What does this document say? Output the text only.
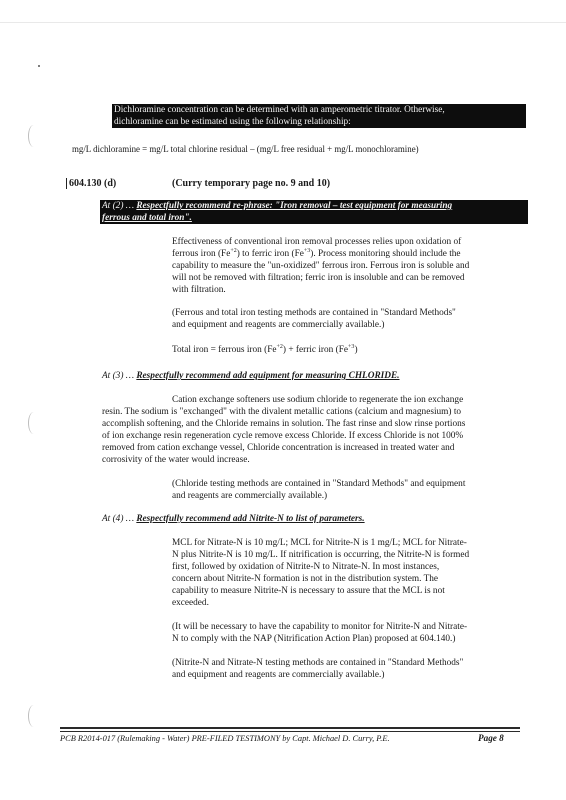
Dichloramine concentration can be determined with an amperometric titrator. Otherwise,
dichloramine can be estimated using the following relationship:
mg/L dichloramine = mg/L total chlorine residual – (mg/L free residual + mg/L monochloramine)
604.130 (d)	(Curry temporary page no. 9 and 10)
At (2) … Respectfully recommend re-phrase: "Iron removal – test equipment for measuring
ferrous and total iron".
Effectiveness of conventional iron removal processes relies upon oxidation of
ferrous iron $(Fe^{+2})$ to ferric iron $(Fe^{+3})$. Process monitoring should include the
capability to measure the "un-oxidized" ferrous iron. Ferrous iron is soluble and
will not be removed with filtration; ferric iron is insoluble and can be removed
with filtration.
(Ferrous and total iron testing methods are contained in "Standard Methods"
and equipment and reagents are commercially available.)
Total iron = ferrous iron $(Fe^{+2})$ + ferric iron $(Fe^{+3})$
At (3) … Respectfully recommend add equipment for measuring CHLORIDE.
Cation exchange softeners use sodium chloride to regenerate the ion exchange
resin. The sodium is "exchanged" with the divalent metallic cations (calcium and magnesium) to
accomplish softening, and the Chloride remains in solution. The fast rinse and slow rinse portions
of ion exchange resin regeneration cycle remove excess Chloride. If excess Chloride is not 100%
removed from cation exchange vessel, Chloride concentration is increased in treated water and
corrosivity of the water would increase.
(Chloride testing methods are contained in "Standard Methods" and equipment
and reagents are commercially available.)
At (4) … Respectfully recommend add Nitrite-N to list of parameters.
MCL for Nitrate-N is 10 mg/L; MCL for Nitrite-N is 1 mg/L; MCL for Nitrate-
N plus Nitrite-N is 10 mg/L. If nitrification is occurring, the Nitrite-N is formed
first, followed by oxidation of Nitrite-N to Nitrate-N. In most instances,
concern about Nitrite-N formation is not in the distribution system. The
capability to measure Nitrite-N is necessary to assure that the MCL is not
exceeded.
(It will be necessary to have the capability to monitor for Nitrite-N and Nitrate-
N to comply with the NAP (Nitrification Action Plan) proposed at 604.140.)
(Nitrite-N and Nitrate-N testing methods are contained in "Standard Methods"
and equipment and reagents are commercially available.)
PCB R2014-017 (Rulemaking - Water) PRE-FILED TESTIMONY by Capt. Michael D. Curry, P.E.	Page 8
